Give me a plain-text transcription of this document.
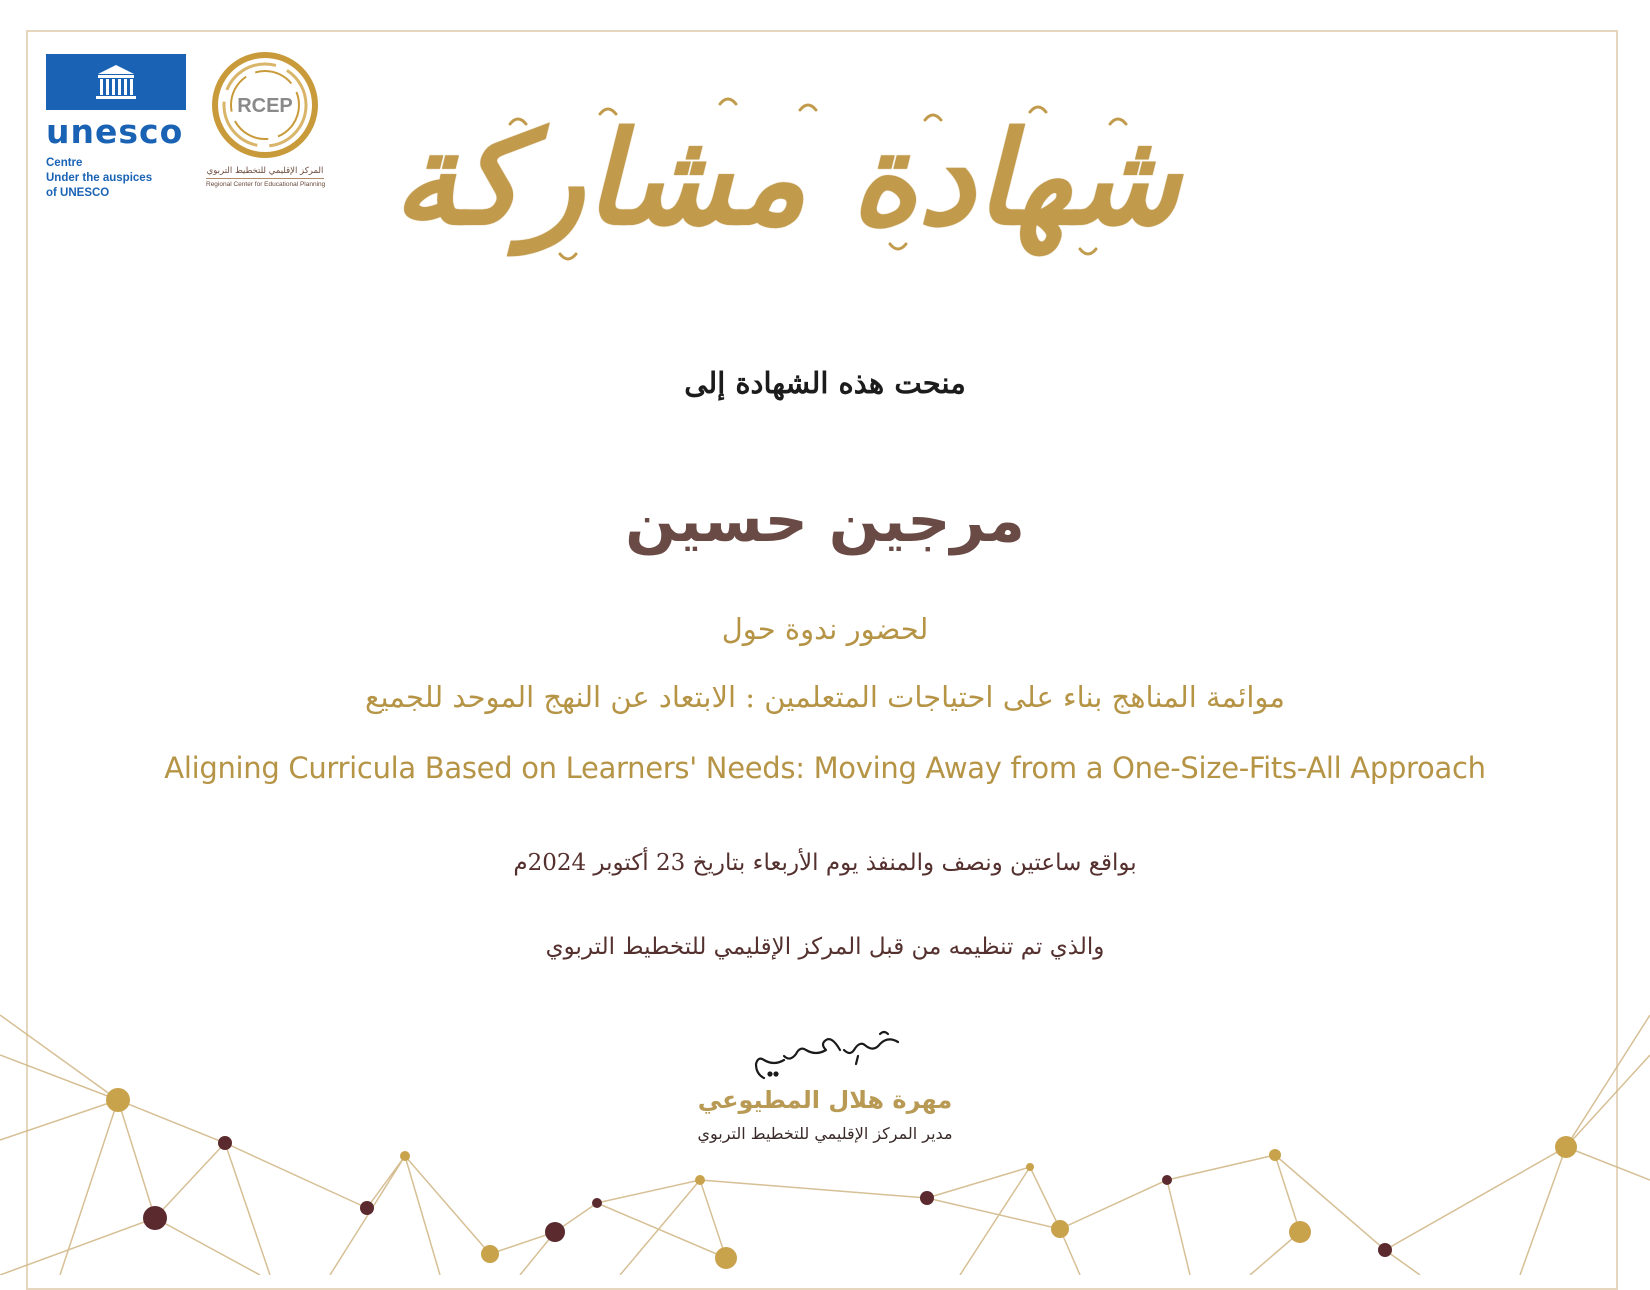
unesco
Centre
Under the auspices
of UNESCO
RCEP
المركز الإقليمي للتخطيط التربوي
Regional Center for Educational Planning شهادة مشاركة
منحت هذه الشهادة إلى
مرجين حسين
لحضور ندوة حول
موائمة المناهج بناء على احتياجات المتعلمين : الابتعاد عن النهج الموحد للجميع
Aligning Curricula Based on Learners' Needs: Moving Away from a One-Size-Fits-All Approach
بواقع ساعتين ونصف والمنفذ يوم الأربعاء بتاريخ 23 أكتوبر 2024م
والذي تم تنظيمه من قبل المركز الإقليمي للتخطيط التربوي
مهرة هلال المطيوعي
مدير المركز الإقليمي للتخطيط التربوي
